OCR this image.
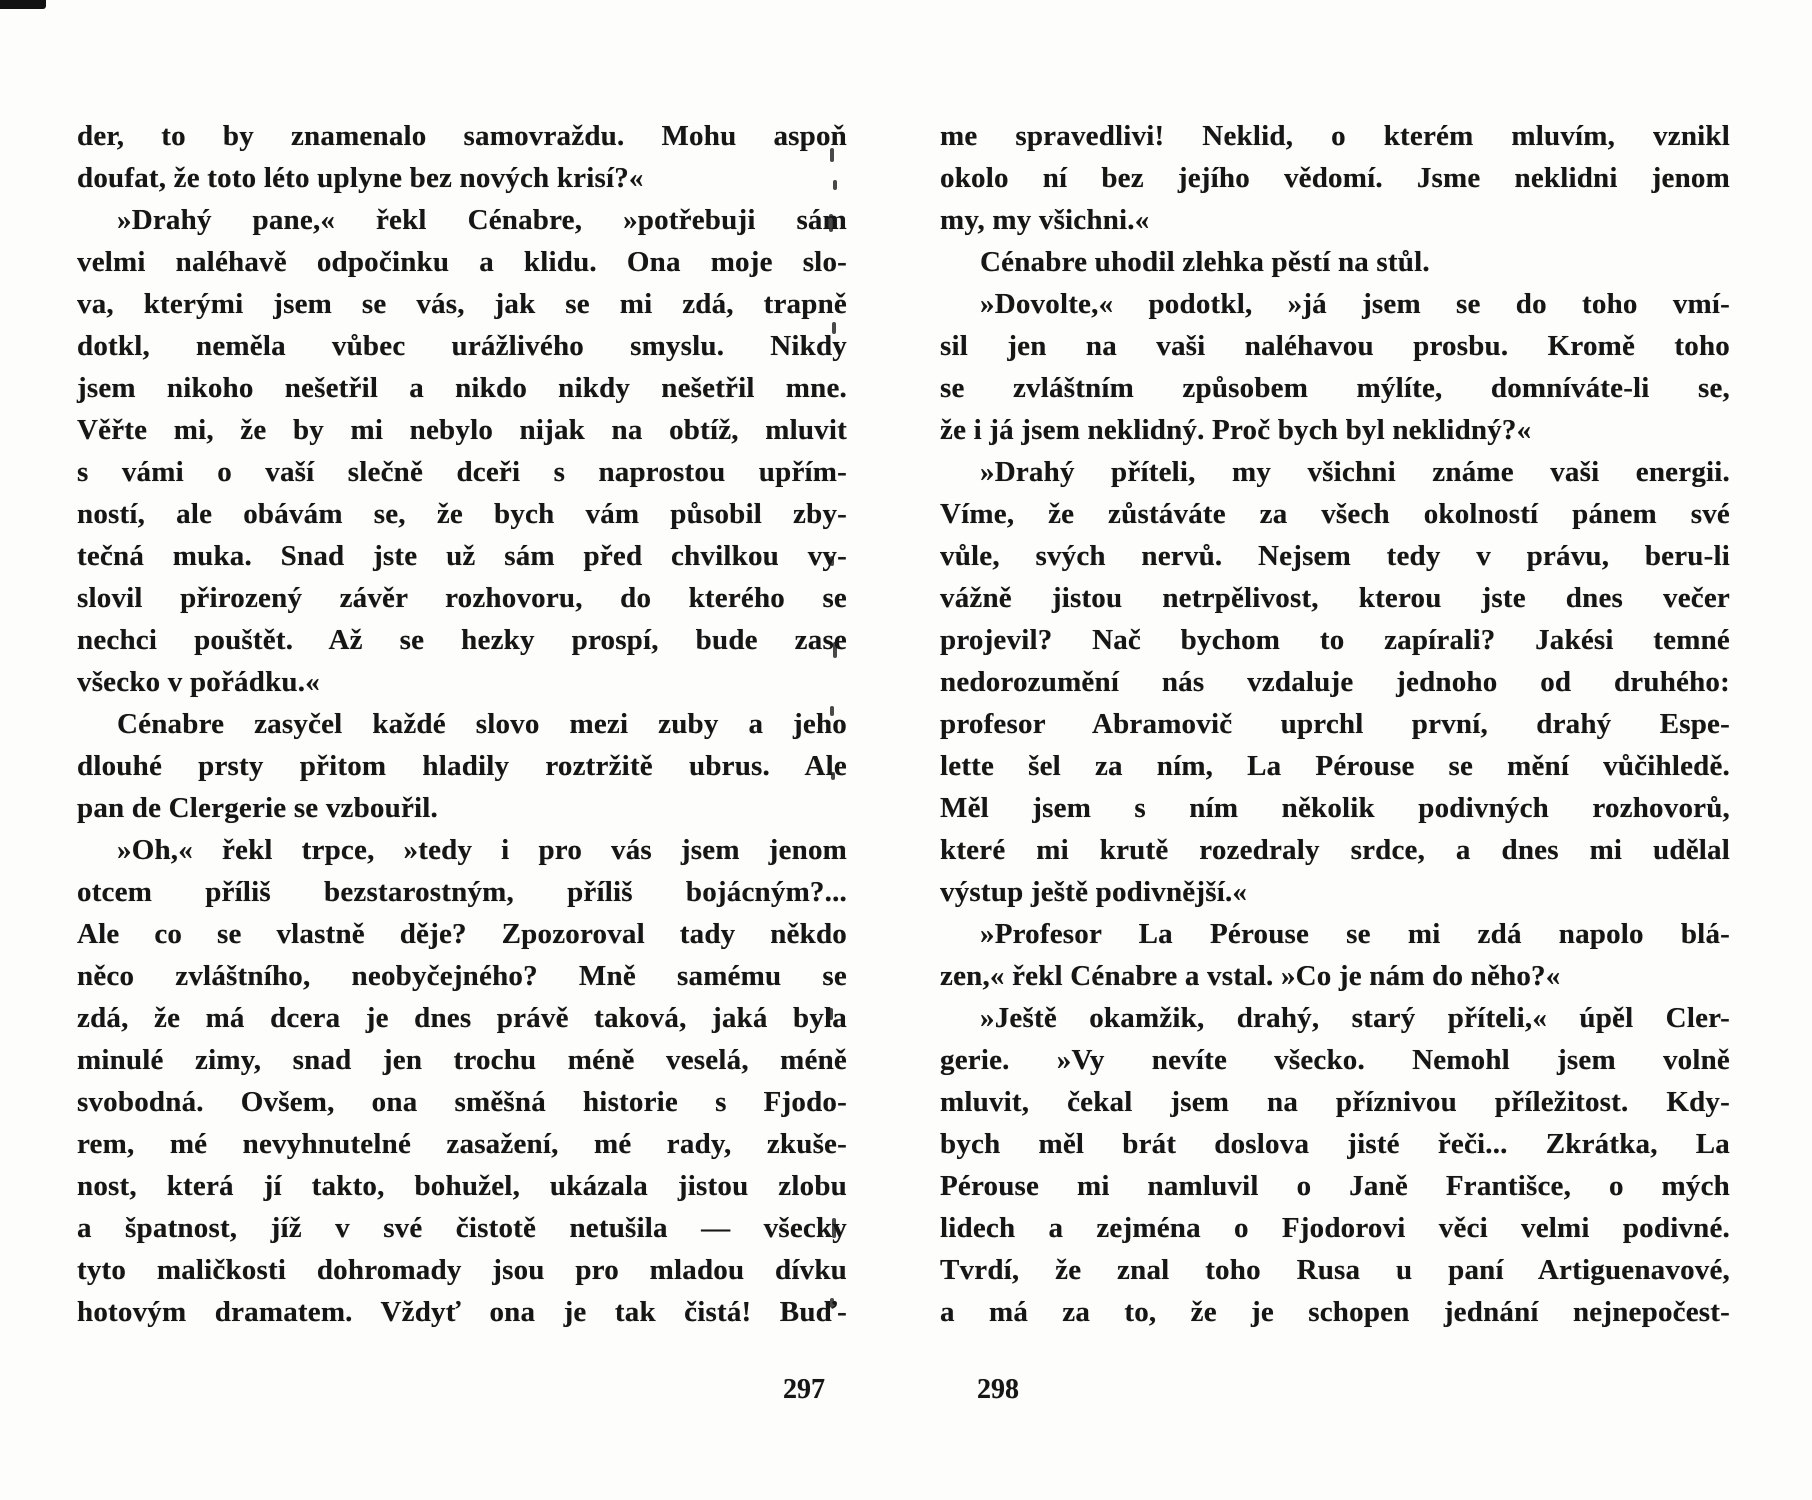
der, to by znamenalo samovraždu. Mohu aspoň
doufat, že toto léto uplyne bez nových krisí?«
»Drahý pane,« řekl Cénabre, »potřebuji sám
velmi naléhavě odpočinku a klidu. Ona moje slo-
va, kterými jsem se vás, jak se mi zdá, trapně
dotkl, neměla vůbec urážlivého smyslu. Nikdy
jsem nikoho nešetřil a nikdo nikdy nešetřil mne.
Věřte mi, že by mi nebylo nijak na obtíž, mluvit
s vámi o vaší slečně dceři s naprostou upřím-
ností, ale obávám se, že bych vám působil zby-
tečná muka. Snad jste už sám před chvilkou vy-
slovil přirozený závěr rozhovoru, do kterého se
nechci pouštět. Až se hezky prospí, bude zase
všecko v pořádku.«
Cénabre zasyčel každé slovo mezi zuby a jeho
dlouhé prsty přitom hladily roztržitě ubrus. Ale
pan de Clergerie se vzbouřil.
»Oh,« řekl trpce, »tedy i pro vás jsem jenom
otcem příliš bezstarostným, příliš bojácným?...
Ale co se vlastně děje? Zpozoroval tady někdo
něco zvláštního, neobyčejného? Mně samému se
zdá, že má dcera je dnes právě taková, jaká byla
minulé zimy, snad jen trochu méně veselá, méně
svobodná. Ovšem, ona směšná historie s Fjodo-
rem, mé nevyhnutelné zasažení, mé rady, zkuše-
nost, která jí takto, bohužel, ukázala jistou zlobu
a špatnost, jíž v své čistotě netušila — všecky
tyto maličkosti dohromady jsou pro mladou dívku
hotovým dramatem. Vždyť ona je tak čistá! Buď-
me spravedlivi! Neklid, o kterém mluvím, vznikl
okolo ní bez jejího vědomí. Jsme neklidni jenom
my, my všichni.«
Cénabre uhodil zlehka pěstí na stůl.
»Dovolte,« podotkl, »já jsem se do toho vmí-
sil jen na vaši naléhavou prosbu. Kromě toho
se zvláštním způsobem mýlíte, domníváte-li se,
že i já jsem neklidný. Proč bych byl neklidný?«
»Drahý příteli, my všichni známe vaši energii.
Víme, že zůstáváte za všech okolností pánem své
vůle, svých nervů. Nejsem tedy v právu, beru-li
vážně jistou netrpělivost, kterou jste dnes večer
projevil? Nač bychom to zapírali? Jakési temné
nedorozumění nás vzdaluje jednoho od druhého:
profesor Abramovič uprchl první, drahý Espe-
lette šel za ním, La Pérouse se mění vůčihledě.
Měl jsem s ním několik podivných rozhovorů,
které mi krutě rozedraly srdce, a dnes mi udělal
výstup ještě podivnější.«
»Profesor La Pérouse se mi zdá napolo blá-
zen,« řekl Cénabre a vstal. »Co je nám do něho?«
»Ještě okamžik, drahý, starý příteli,« úpěl Cler-
gerie. »Vy nevíte všecko. Nemohl jsem volně
mluvit, čekal jsem na příznivou příležitost. Kdy-
bych měl brát doslova jisté řeči... Zkrátka, La
Pérouse mi namluvil o Janě Františce, o mých
lidech a zejména o Fjodorovi věci velmi podivné.
Tvrdí, že znal toho Rusa u paní Artiguenavové,
a má za to, že je schopen jednání nejnepočest-
297	298
